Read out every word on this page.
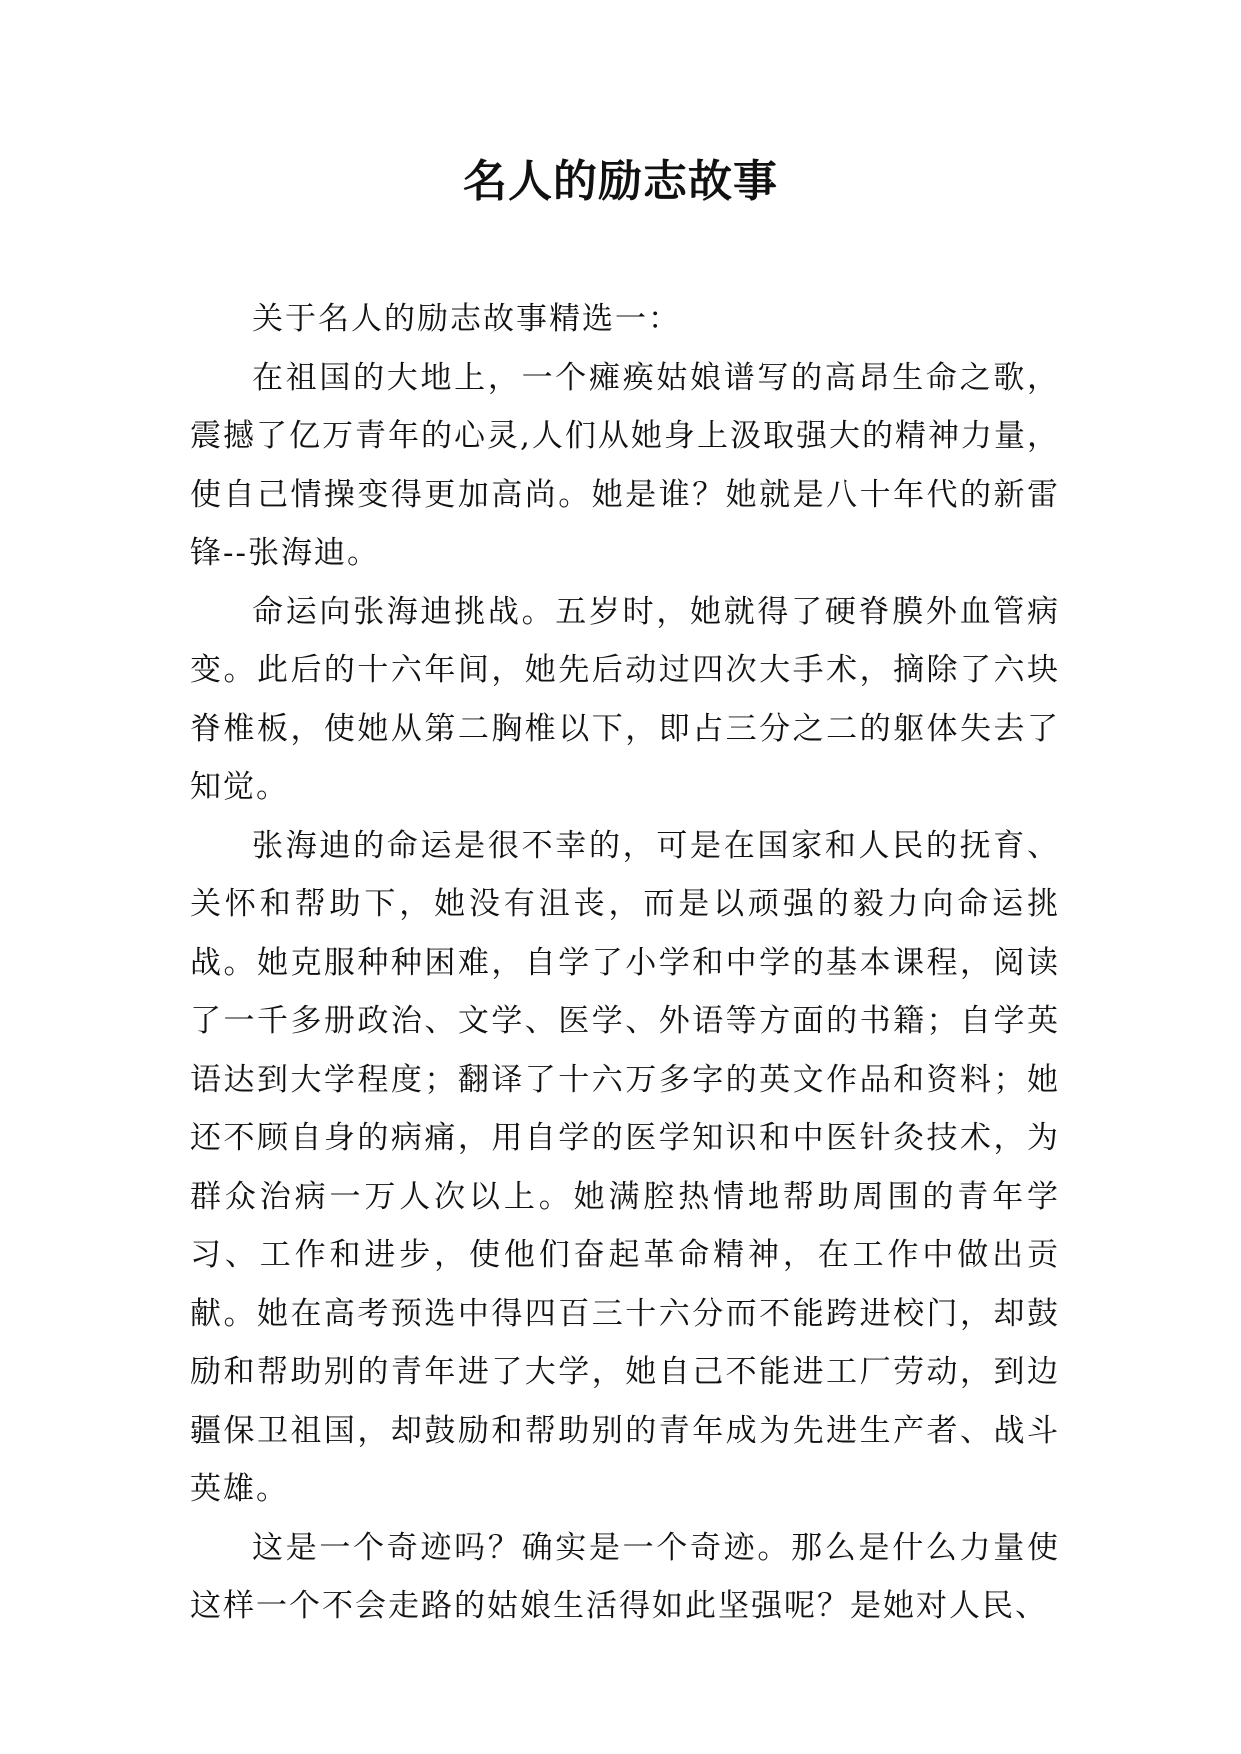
名人的励志故事

关于名人的励志故事精选一：

在祖国的大地上，一个瘫痪姑娘谱写的高昂生命之歌，震撼了亿万青年的心灵,人们从她身上汲取强大的精神力量，使自己情操变得更加高尚。她是谁？她就是八十年代的新雷锋--张海迪。

命运向张海迪挑战。五岁时，她就得了硬脊膜外血管病变。此后的十六年间，她先后动过四次大手术，摘除了六块脊椎板，使她从第二胸椎以下，即占三分之二的躯体失去了知觉。

张海迪的命运是很不幸的，可是在国家和人民的抚育、关怀和帮助下，她没有沮丧，而是以顽强的毅力向命运挑战。她克服种种困难，自学了小学和中学的基本课程，阅读了一千多册政治、文学、医学、外语等方面的书籍；自学英语达到大学程度；翻译了十六万多字的英文作品和资料；她还不顾自身的病痛，用自学的医学知识和中医针灸技术，为群众治病一万人次以上。她满腔热情地帮助周围的青年学习、工作和进步，使他们奋起革命精神，在工作中做出贡献。她在高考预选中得四百三十六分而不能跨进校门，却鼓励和帮助别的青年进了大学，她自己不能进工厂劳动，到边疆保卫祖国，却鼓励和帮助别的青年成为先进生产者、战斗英雄。

这是一个奇迹吗？确实是一个奇迹。那么是什么力量使这样一个不会走路的姑娘生活得如此坚强呢？是她对人民、
